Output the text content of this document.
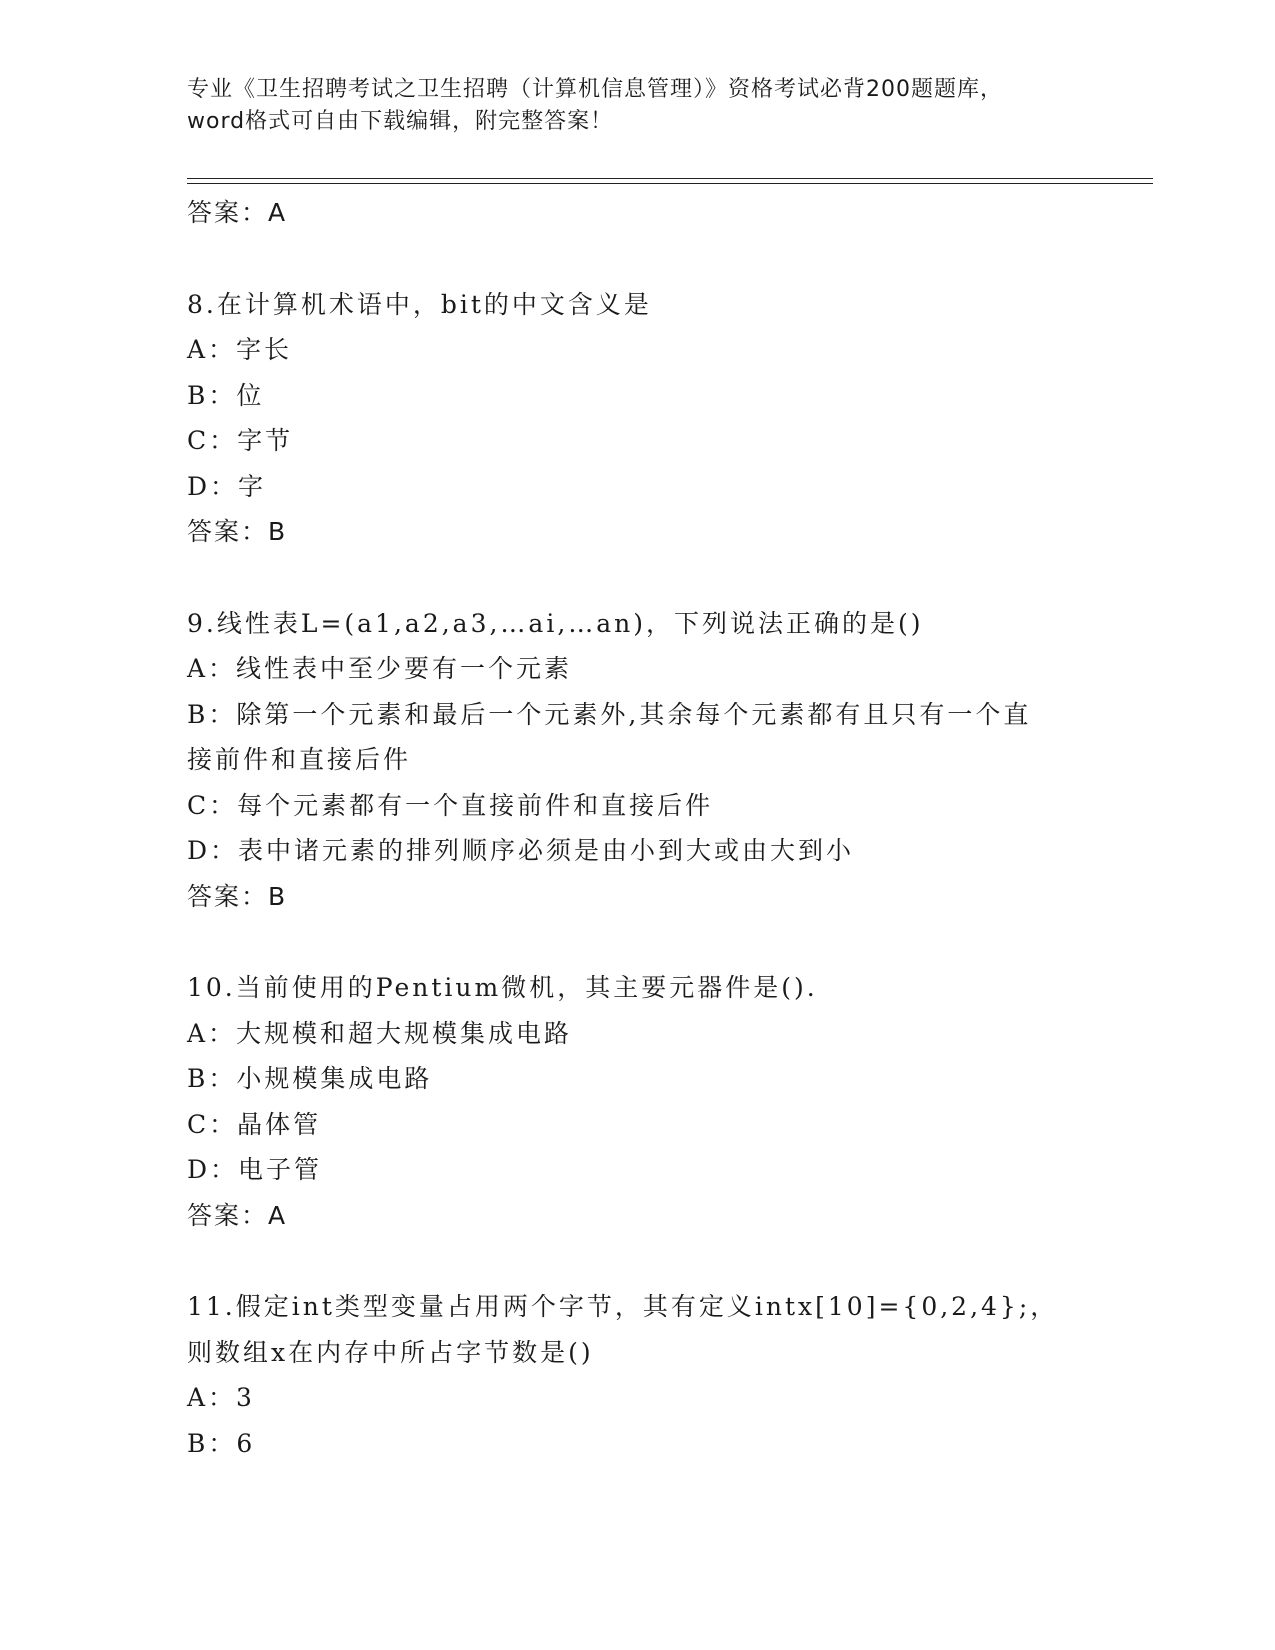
专业《卫生招聘考试之卫生招聘（计算机信息管理）》资格考试必背200题题库，
word格式可自由下载编辑，附完整答案！
答案：A
8.在计算机术语中，bit的中文含义是
A：字长
B：位
C：字节
D：字
答案：B
9.线性表L=(a1,a2,a3,…ai,…an)，下列说法正确的是()
A：线性表中至少要有一个元素
B：除第一个元素和最后一个元素外,其余每个元素都有且只有一个直
接前件和直接后件
C：每个元素都有一个直接前件和直接后件
D：表中诸元素的排列顺序必须是由小到大或由大到小
答案：B
10.当前使用的Pentium微机，其主要元器件是().
A：大规模和超大规模集成电路
B：小规模集成电路
C：晶体管
D：电子管
答案：A
11.假定int类型变量占用两个字节，其有定义intx[10]={0,2,4};，
则数组x在内存中所占字节数是()
A：3
B：6
